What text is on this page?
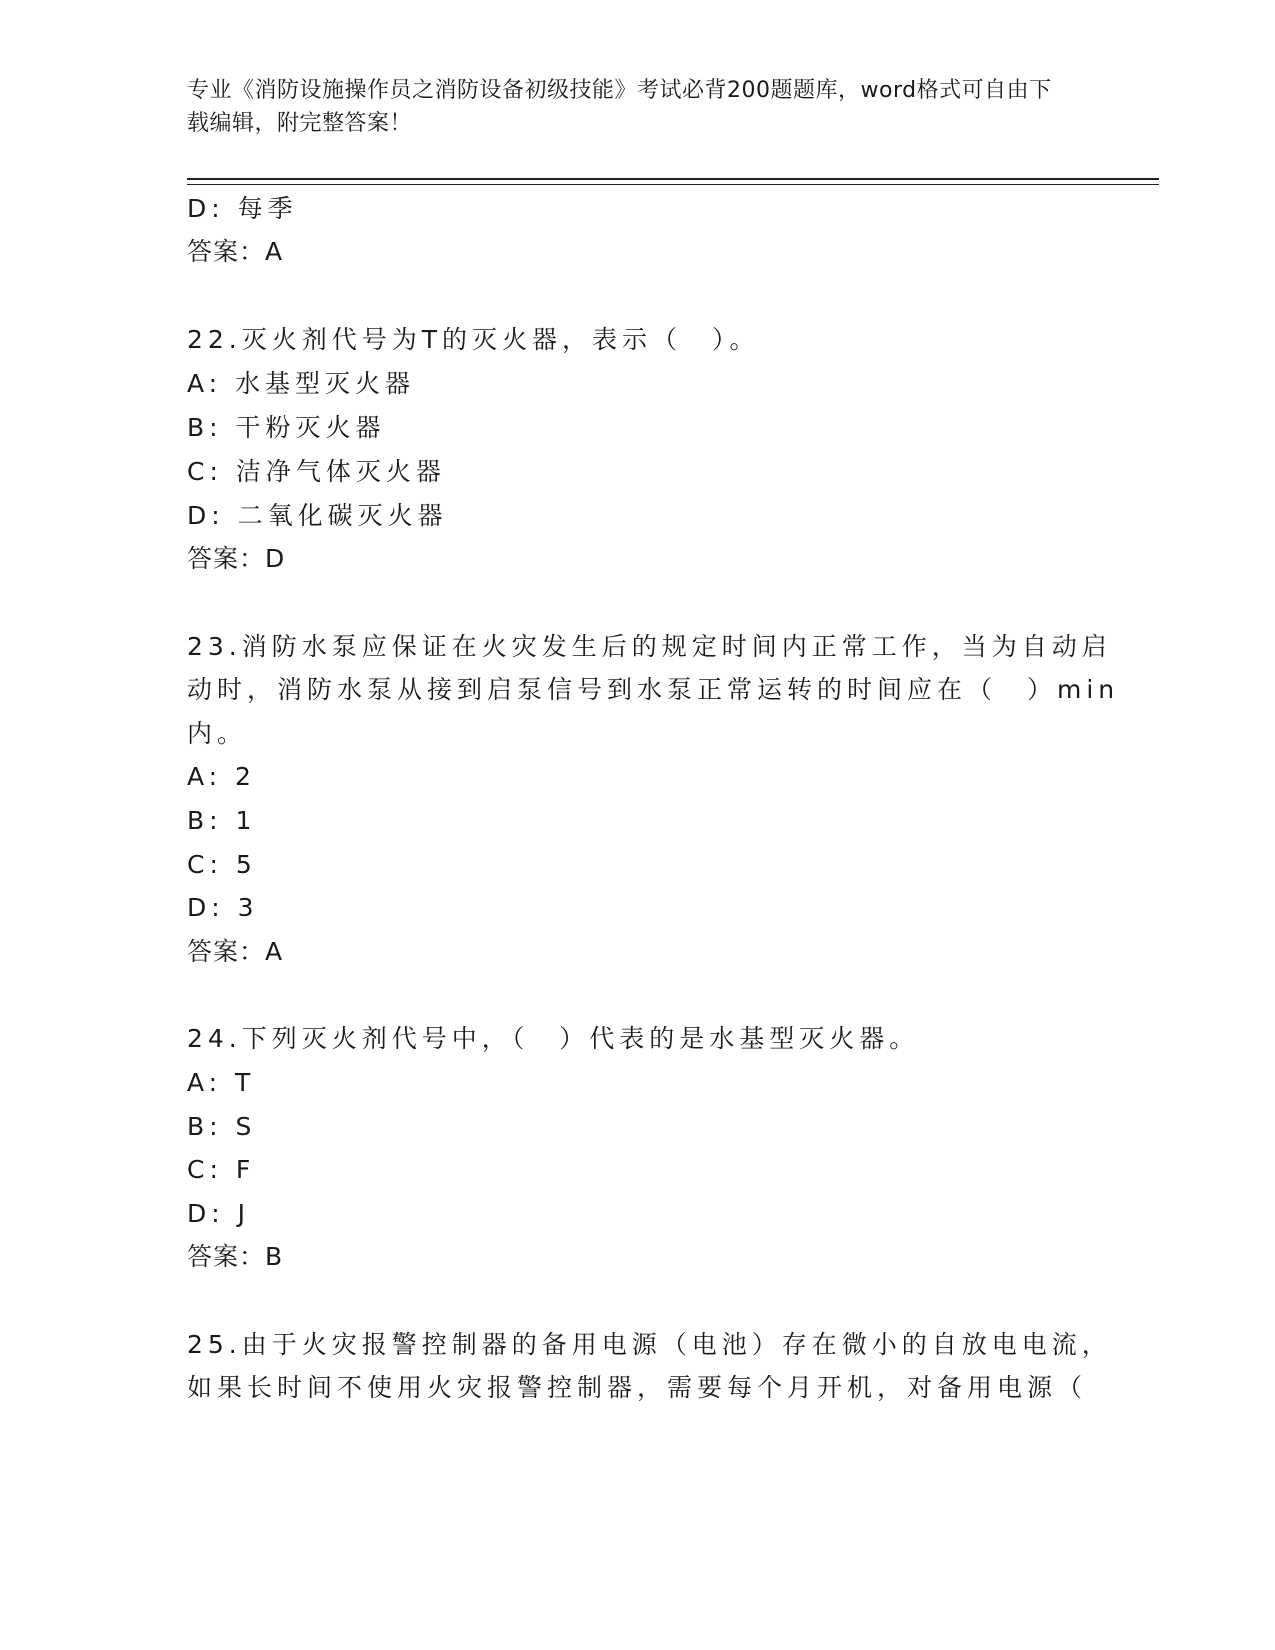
专业《消防设施操作员之消防设备初级技能》考试必背200题题库，word格式可自由下载编辑，附完整答案！
D: 每季
答案：A
22.灭火剂代号为T的灭火器，表示（　）。
A: 水基型灭火器
B: 干粉灭火器
C: 洁净气体灭火器
D: 二氧化碳灭火器
答案：D
23.消防水泵应保证在火灾发生后的规定时间内正常工作，当为自动启
动时，消防水泵从接到启泵信号到水泵正常运转的时间应在（　）min
内。
A: 2
B: 1
C: 5
D: 3
答案：A
24.下列灭火剂代号中，（　）代表的是水基型灭火器。
A: T
B: S
C: F
D: J
答案：B
25.由于火灾报警控制器的备用电源（电池）存在微小的自放电电流，
如果长时间不使用火灾报警控制器，需要每个月开机，对备用电源（
